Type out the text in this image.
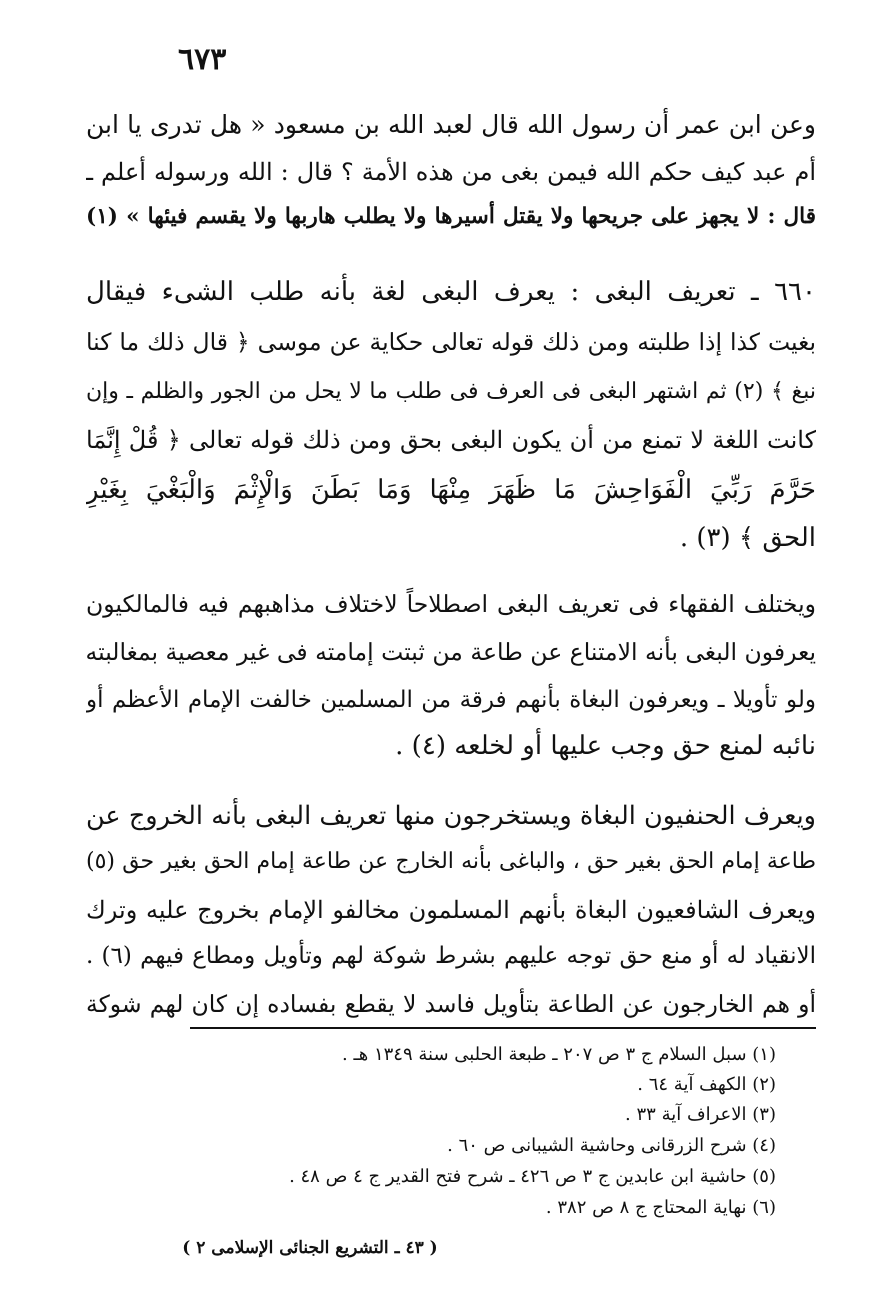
٦٧٣
وعن ابن عمر أن رسول الله قال لعبد الله بن مسعود « هل تدرى يا ابن
أم عبد كيف حكم الله فيمن بغى من هذه الأمة ؟ قال : الله ورسوله أعلم ـ
قال : لا يجهز على جريحها ولا يقتل أسيرها ولا يطلب هاربها ولا يقسم فيئها » (١)
٦٦٠ ـ تعريف البغى : يعرف البغى لغة بأنه طلب الشىء فيقال
بغيت كذا إذا طلبته ومن ذلك قوله تعالى حكاية عن موسى ﴿ قال ذلك ما كنا
نبغ ﴾ (٢) ثم اشتهر البغى فى العرف فى طلب ما لا يحل من الجور والظلم ـ وإن
كانت اللغة لا تمنع من أن يكون البغى بحق ومن ذلك قوله تعالى ﴿ قُلْ إِنَّمَا
حَرَّمَ رَبِّيَ الْفَوَاحِشَ مَا ظَهَرَ مِنْهَا وَمَا بَطَنَ وَالْإِثْمَ وَالْبَغْيَ بِغَيْرِ
الحق ﴾ (٣) .
ويختلف الفقهاء فى تعريف البغى اصطلاحاً لاختلاف مذاهبهم فيه فالمالكيون
يعرفون البغى بأنه الامتناع عن طاعة من ثبتت إمامته فى غير معصية بمغالبته
ولو تأويلا ـ ويعرفون البغاة بأنهم فرقة من المسلمين خالفت الإمام الأعظم أو
نائبه لمنع حق وجب عليها أو لخلعه (٤) .
ويعرف الحنفيون البغاة ويستخرجون منها تعريف البغى بأنه الخروج عن
طاعة إمام الحق بغير حق ، والباغى بأنه الخارج عن طاعة إمام الحق بغير حق (٥)
ويعرف الشافعيون البغاة بأنهم المسلمون مخالفو الإمام بخروج عليه وترك
الانقياد له أو منع حق توجه عليهم بشرط شوكة لهم وتأويل ومطاع فيهم (٦) .
أو هم الخارجون عن الطاعة بتأويل فاسد لا يقطع بفساده إن كان لهم شوكة
(١) سبل السلام ج ٣ ص ٢٠٧ ـ طبعة الحلبى سنة ١٣٤٩ هـ .
(٢) الكهف آية ٦٤ .
(٣) الاعراف آية ٣٣ .
(٤) شرح الزرقانى وحاشية الشيبانى ص ٦٠ .
(٥) حاشية ابن عابدين ج ٣ ص ٤٢٦ ـ شرح فتح القدير ج ٤ ص ٤٨ .
(٦) نهاية المحتاج ج ٨ ص ٣٨٢ .
( ٤٣ ـ التشريع الجنائى الإسلامى ٢ )
